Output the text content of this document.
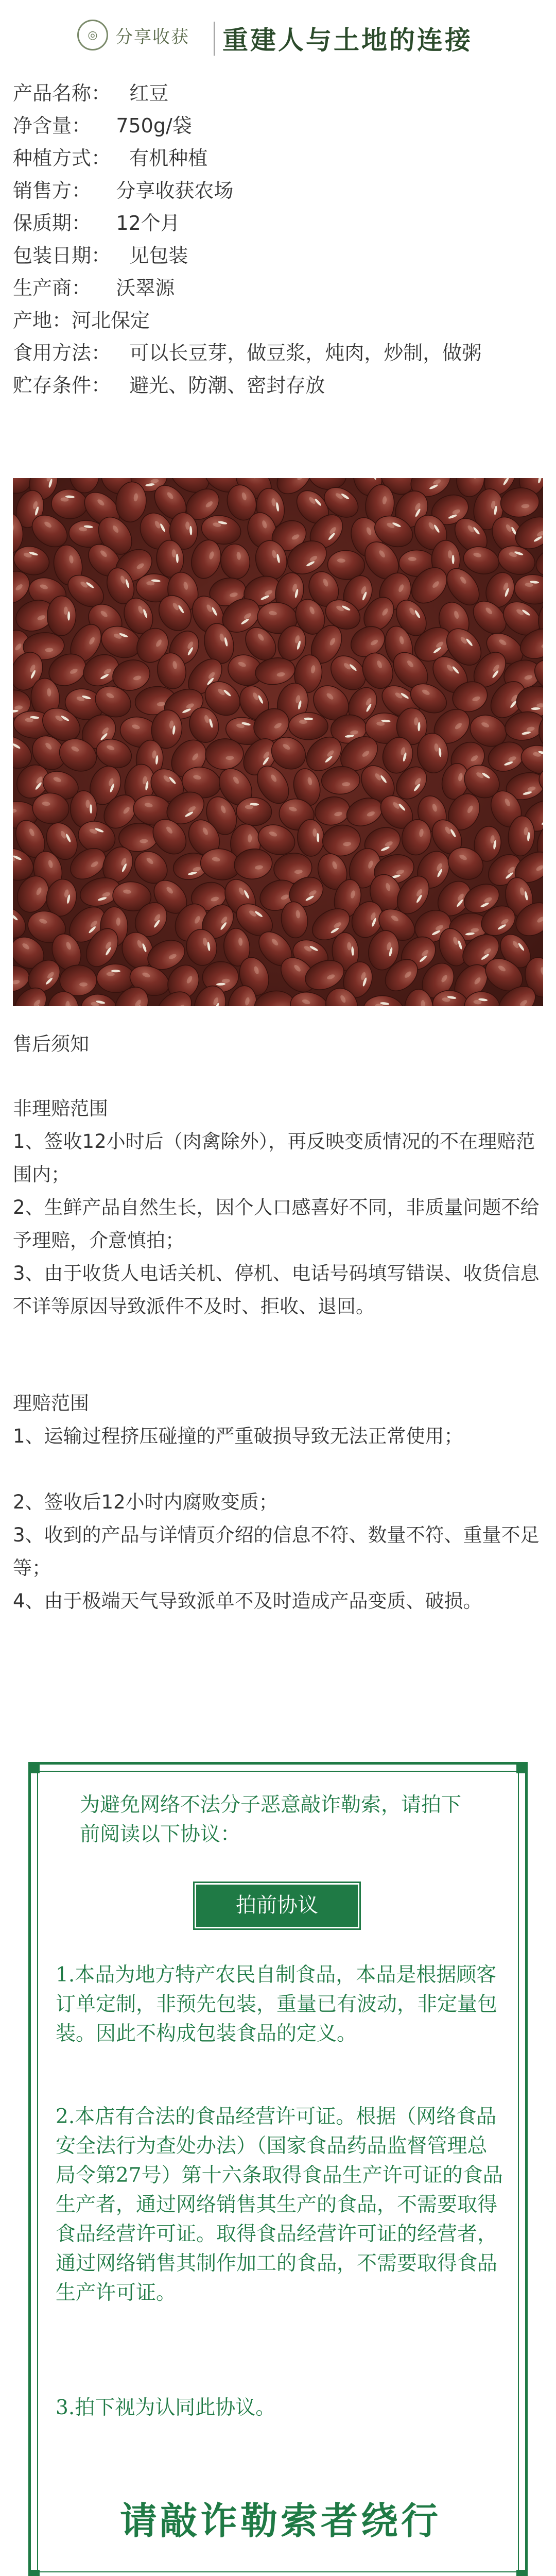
◎	分享收获 重建人与土地的连接
产品名称： 红豆
净含量： 750g/袋
种植方式： 有机种植
销售方： 分享收获农场
保质期： 12个月
包装日期： 见包装
生产商： 沃翠源
产地： 河北保定
食用方法：   可以长豆芽，做豆浆，炖肉，炒制，做粥
贮存条件： 避光、防潮、密封存放
售后须知
非理赔范围
1、签收12小时后（肉禽除外），再反映变质情况的不在理赔范围内；
2、生鲜产品自然生长，因个人口感喜好不同，非质量问题不给予理赔，介意慎拍；
3、由于收货人电话关机、停机、电话号码填写错误、收货信息不详等原因导致派件不及时、拒收、退回。
理赔范围
1、运输过程挤压碰撞的严重破损导致无法正常使用；
2、签收后12小时内腐败变质；
3、收到的产品与详情页介绍的信息不符、数量不符、重量不足等；
4、由于极端天气导致派单不及时造成产品变质、破损。
为避免网络不法分子恶意敲诈勒索，请拍下前阅读以下协议：
拍前协议
1.本品为地方特产农民自制食品，本品是根据顾客订单定制，非预先包装，重量已有波动，非定量包装。因此不构成包装食品的定义。
2.本店有合法的食品经营许可证。根据（网络食品安全法行为查处办法）（国家食品药品监督管理总局令第27号）第十六条取得食品生产许可证的食品生产者，通过网络销售其生产的食品，不需要取得食品经营许可证。取得食品经营许可证的经营者，通过网络销售其制作加工的食品，不需要取得食品生产许可证。
3.拍下视为认同此协议。
请敲诈勒索者绕行
